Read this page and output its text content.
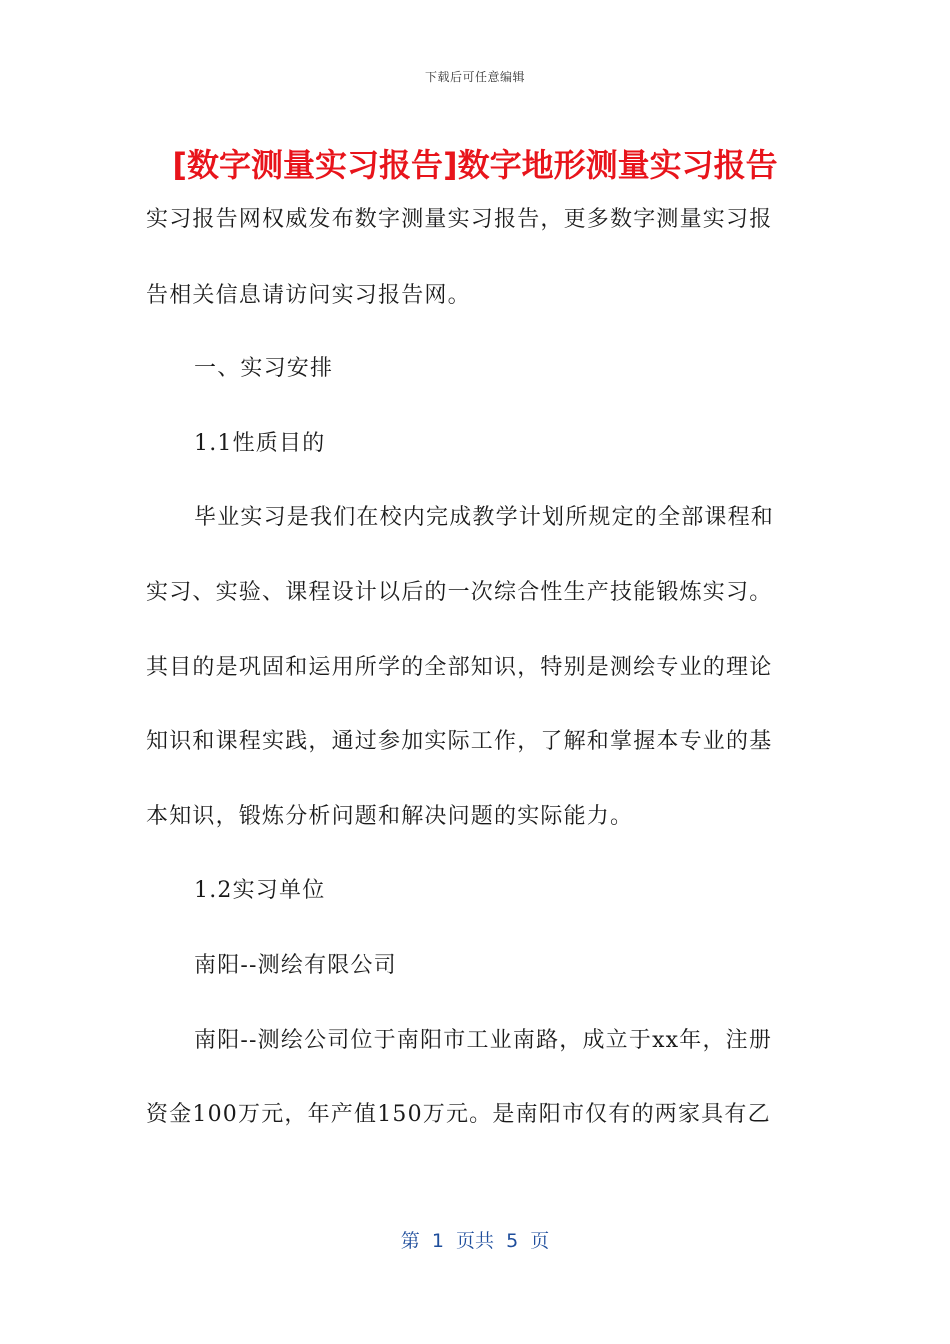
下载后可任意编辑
[数字测量实习报告]数字地形测量实习报告
实习报告网权威发布数字测量实习报告，更多数字测量实习报
告相关信息请访问实习报告网。
一、实习安排
1.1性质目的
毕业实习是我们在校内完成教学计划所规定的全部课程和
实习、实验、课程设计以后的一次综合性生产技能锻炼实习。
其目的是巩固和运用所学的全部知识，特别是测绘专业的理论
知识和课程实践，通过参加实际工作，了解和掌握本专业的基
本知识，锻炼分析问题和解决问题的实际能力。
1.2实习单位
南阳--测绘有限公司
南阳--测绘公司位于南阳市工业南路，成立于xx年，注册
资金100万元，年产值150万元。是南阳市仅有的两家具有乙
第  1  页共  5  页
